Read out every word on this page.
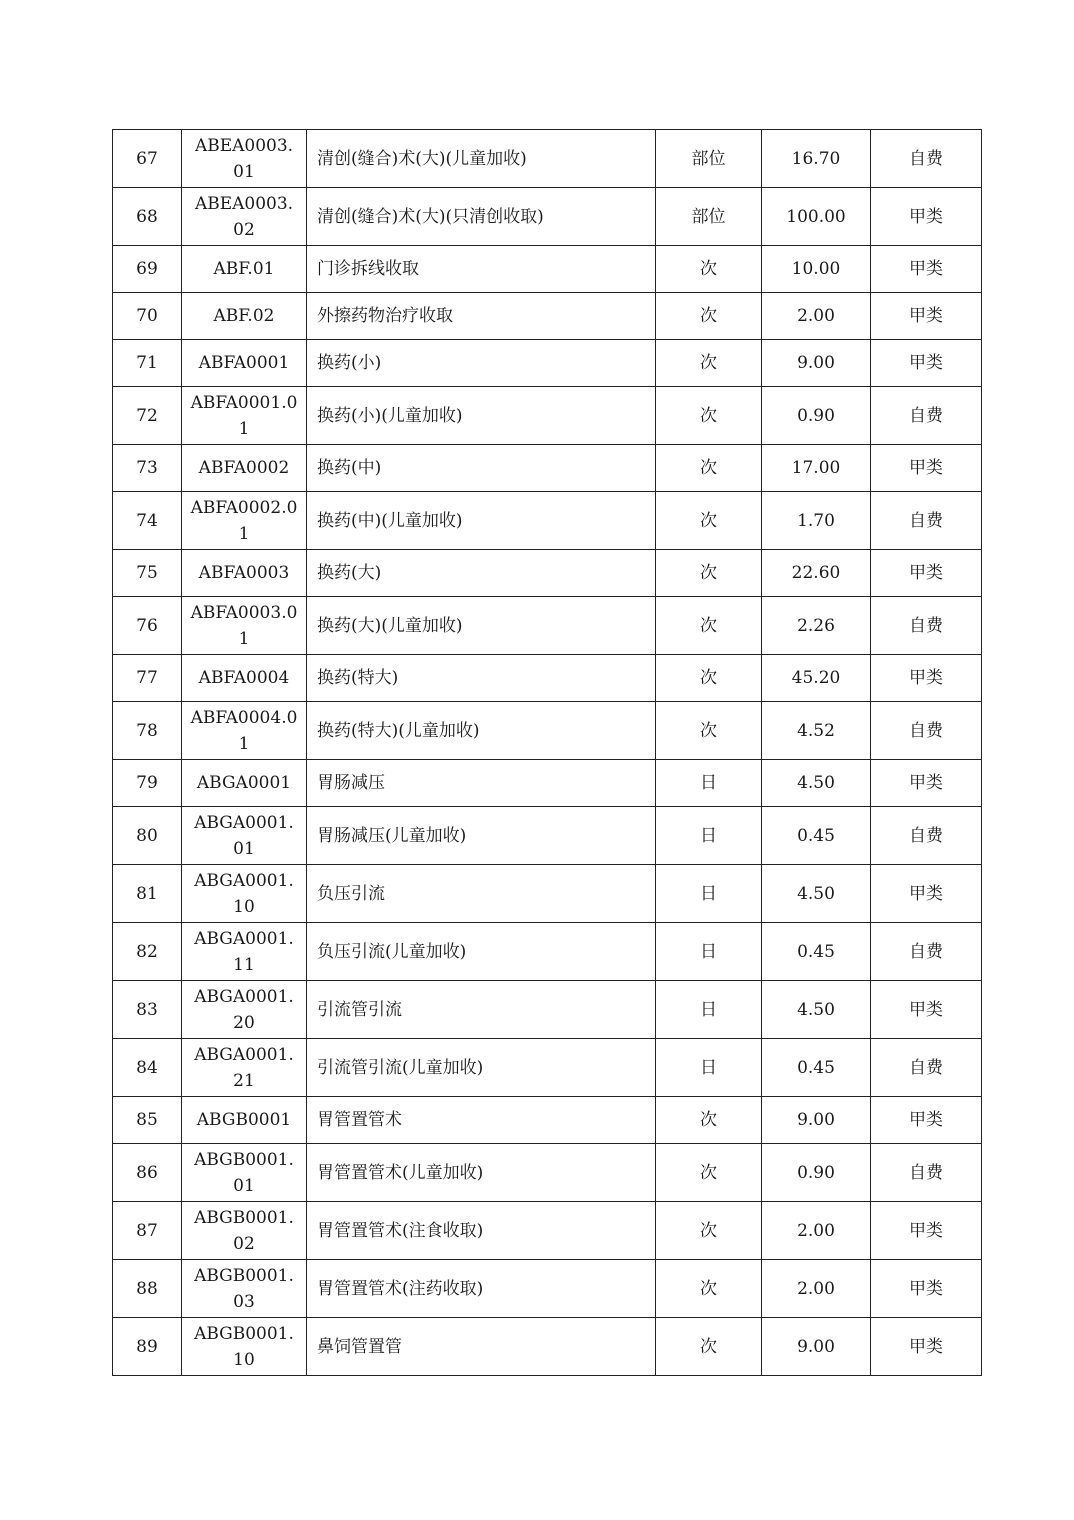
67	ABEA0003.01	清创(缝合)术(大)(儿童加收)	部位	16.70	自费
68	ABEA0003.02	清创(缝合)术(大)(只清创收取)	部位	100.00	甲类
69	ABF.01	门诊拆线收取	次	10.00	甲类
70	ABF.02	外擦药物治疗收取	次	2.00	甲类
71	ABFA0001	换药(小)	次	9.00	甲类
72	ABFA0001.01	换药(小)(儿童加收)	次	0.90	自费
73	ABFA0002	换药(中)	次	17.00	甲类
74	ABFA0002.01	换药(中)(儿童加收)	次	1.70	自费
75	ABFA0003	换药(大)	次	22.60	甲类
76	ABFA0003.01	换药(大)(儿童加收)	次	2.26	自费
77	ABFA0004	换药(特大)	次	45.20	甲类
78	ABFA0004.01	换药(特大)(儿童加收)	次	4.52	自费
79	ABGA0001	胃肠减压	日	4.50	甲类
80	ABGA0001.01	胃肠减压(儿童加收)	日	0.45	自费
81	ABGA0001.10	负压引流	日	4.50	甲类
82	ABGA0001.11	负压引流(儿童加收)	日	0.45	自费
83	ABGA0001.20	引流管引流	日	4.50	甲类
84	ABGA0001.21	引流管引流(儿童加收)	日	0.45	自费
85	ABGB0001	胃管置管术	次	9.00	甲类
86	ABGB0001.01	胃管置管术(儿童加收)	次	0.90	自费
87	ABGB0001.02	胃管置管术(注食收取)	次	2.00	甲类
88	ABGB0001.03	胃管置管术(注药收取)	次	2.00	甲类
89	ABGB0001.10	鼻饲管置管	次	9.00	甲类
